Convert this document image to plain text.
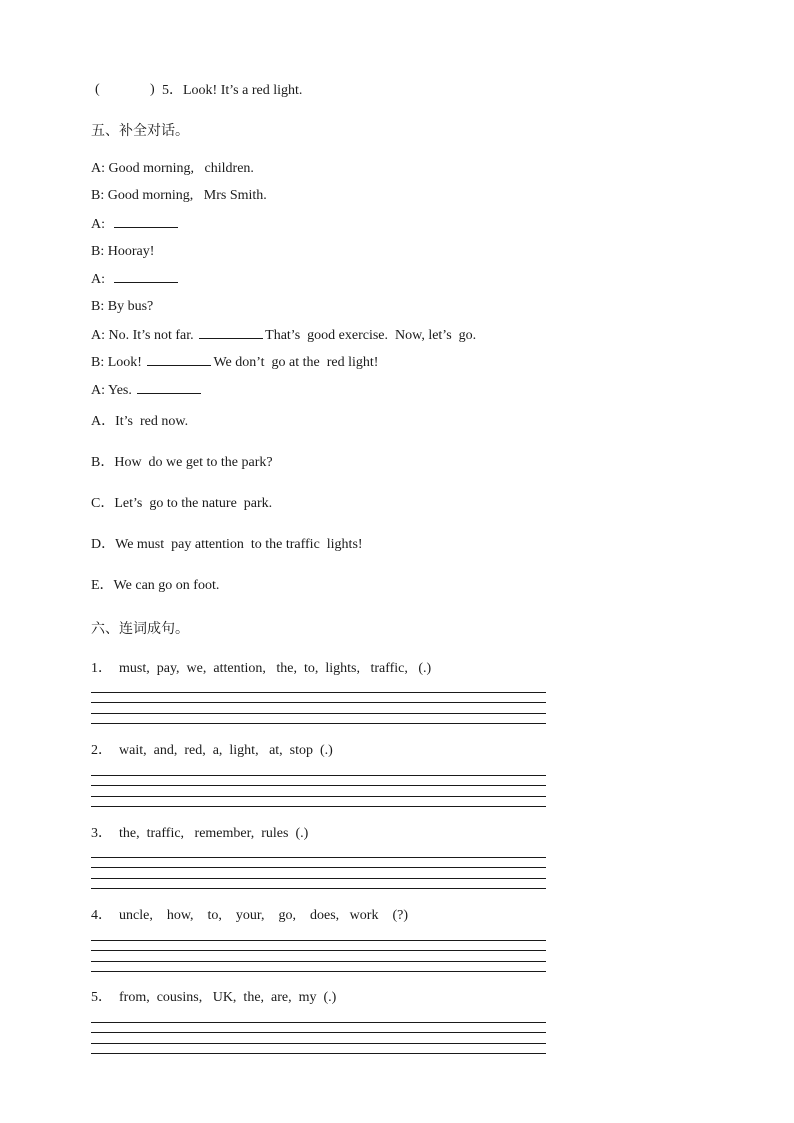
(	) 5．Look! It’s a red light.
五、补全对话。
A: Good morning,   children.
B: Good morning,   Mrs Smith.
A:
B: Hooray!
A:
B: By bus?
A: No. It’s not far.	That’s  good exercise.  Now, let’s  go.
B: Look!	We don’t  go at the  red light!
A: Yes.
A．It’s  red now.
B．How  do we get to the park?
C．Let’s  go to the nature  park.
D．We must  pay attention  to the traffic  lights!
E．We can go on foot.
六、连词成句。
1．  must,  pay,  we,  attention,   the,  to,  lights,   traffic,   (.)
2．  wait,  and,  red,  a,  light,   at,  stop  (.)
3．  the,  traffic,   remember,  rules  (.)
4．  uncle,    how,    to,    your,    go,    does,   work    (?)
5．  from,  cousins,   UK,  the,  are,  my  (.)
